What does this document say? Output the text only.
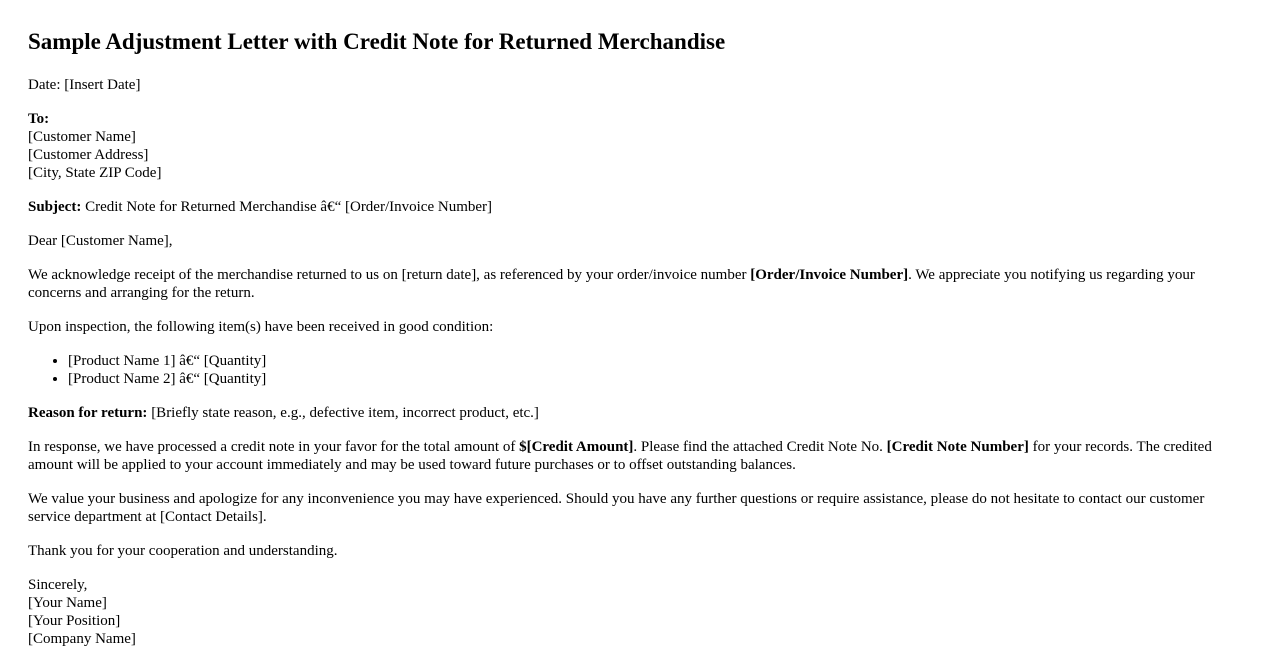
Sample Adjustment Letter with Credit Note for Returned Merchandise

Date: [Insert Date]

To:
[Customer Name]
[Customer Address]
[City, State ZIP Code]

Subject: Credit Note for Returned Merchandise â€“ [Order/Invoice Number]

Dear [Customer Name],

We acknowledge receipt of the merchandise returned to us on [return date], as referenced by your order/invoice number [Order/Invoice Number]. We appreciate you notifying us regarding your concerns and arranging for the return.

Upon inspection, the following item(s) have been received in good condition:

• [Product Name 1] â€“ [Quantity]
• [Product Name 2] â€“ [Quantity]

Reason for return: [Briefly state reason, e.g., defective item, incorrect product, etc.]

In response, we have processed a credit note in your favor for the total amount of $[Credit Amount]. Please find the attached Credit Note No. [Credit Note Number] for your records. The credited amount will be applied to your account immediately and may be used toward future purchases or to offset outstanding balances.

We value your business and apologize for any inconvenience you may have experienced. Should you have any further questions or require assistance, please do not hesitate to contact our customer service department at [Contact Details].

Thank you for your cooperation and understanding.

Sincerely,
[Your Name]
[Your Position]
[Company Name]
